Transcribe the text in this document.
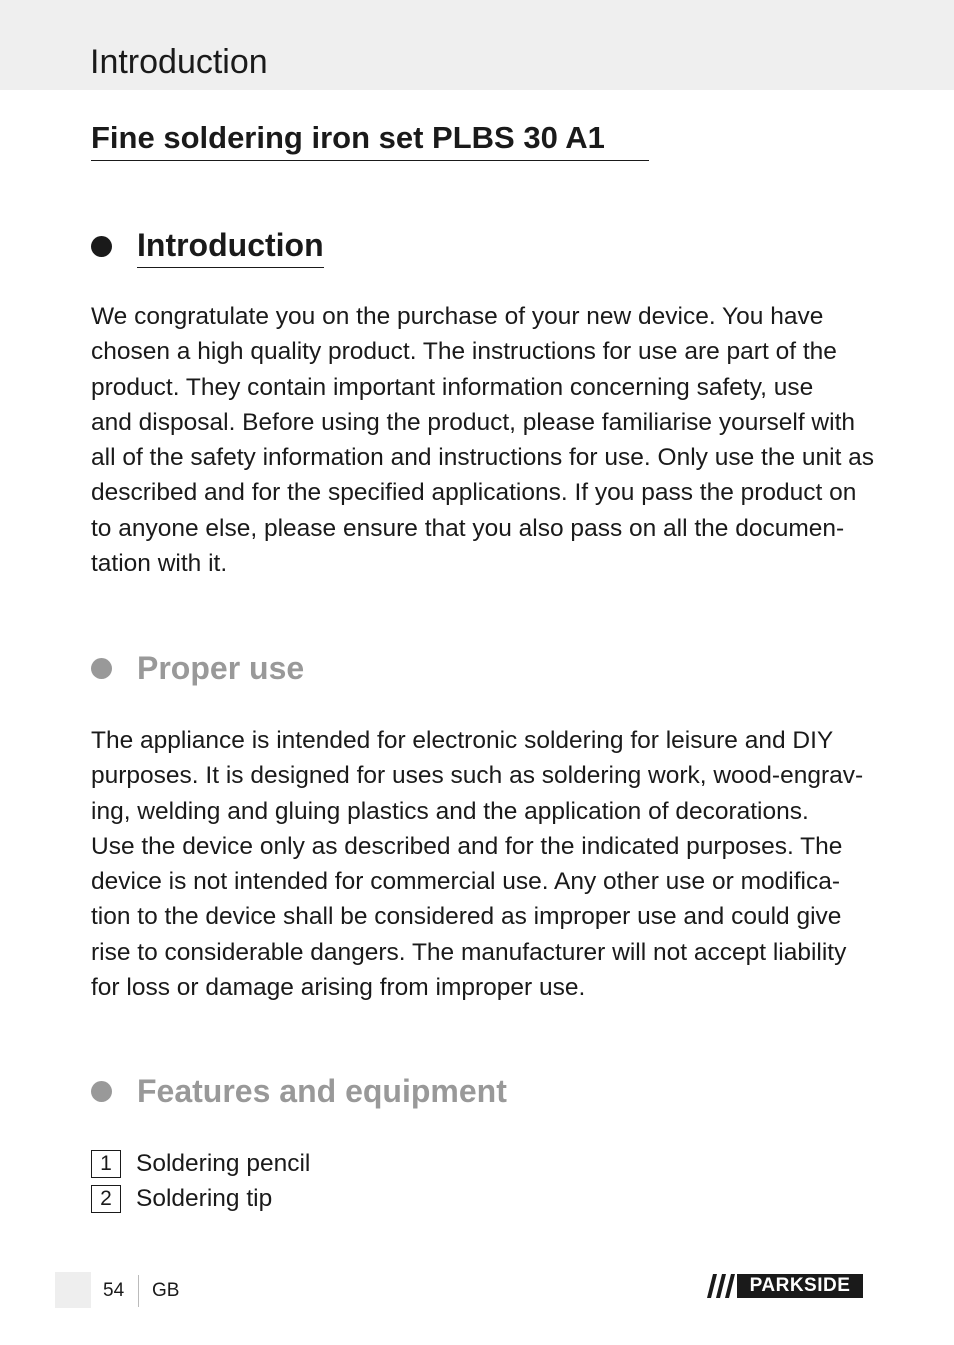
Introduction
Fine soldering iron set PLBS 30 A1
Introduction

We congratulate you on the purchase of your new device. You have
chosen a high quality product. The instructions for use are part of the
product. They contain important information concerning safety, use
and disposal. Before using the product, please familiarise yourself with
all of the safety information and instructions for use. Only use the unit as
described and for the specified applications. If you pass the product on
to anyone else, please ensure that you also pass on all the documen-
tation with it.

Proper use

The appliance is intended for electronic soldering for leisure and DIY
purposes. It is designed for uses such as soldering work, wood-engrav-
ing, welding and gluing plastics and the application of decorations.
Use the device only as described and for the indicated purposes. The
device is not intended for commercial use. Any other use or modifica-
tion to the device shall be considered as improper use and could give
rise to considerable dangers. The manufacturer will not accept liability
for loss or damage arising from improper use.

Features and equipment
1 Soldering pencil
2 Soldering tip
54 GB	PARKSIDE
